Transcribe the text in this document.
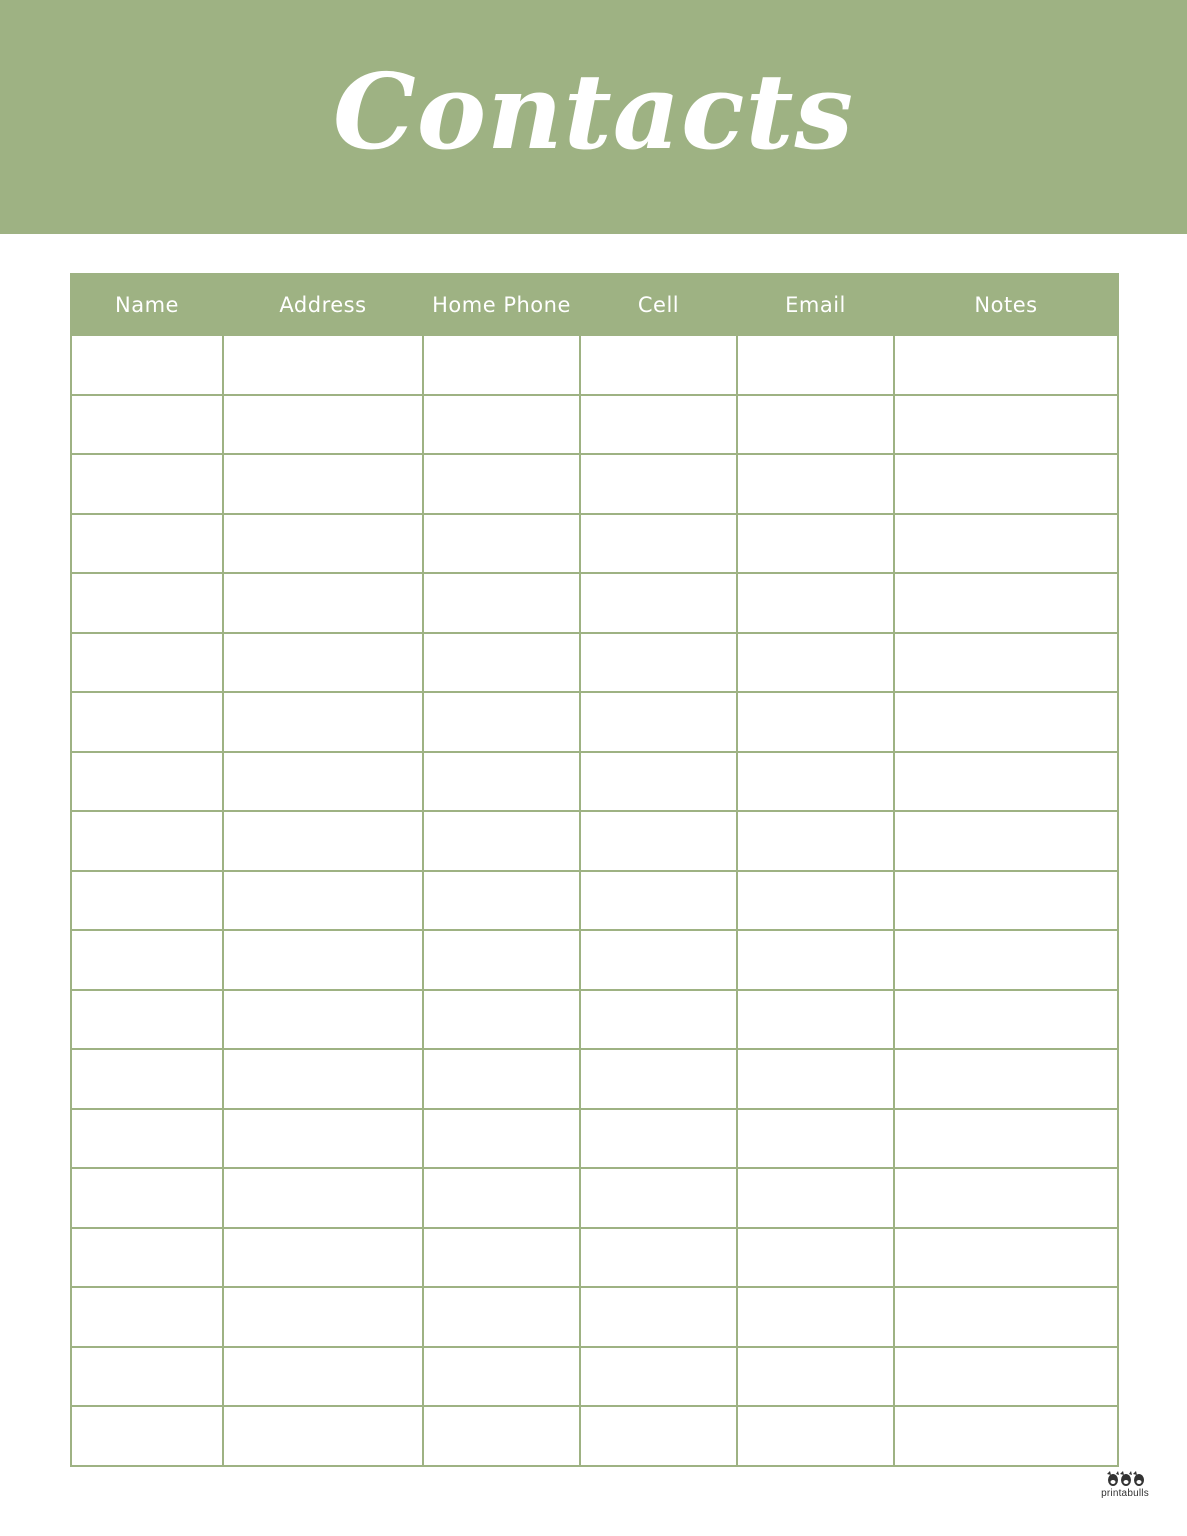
Contacts
Name	Address	Home Phone	Cell	Email	Notes

printabulls
